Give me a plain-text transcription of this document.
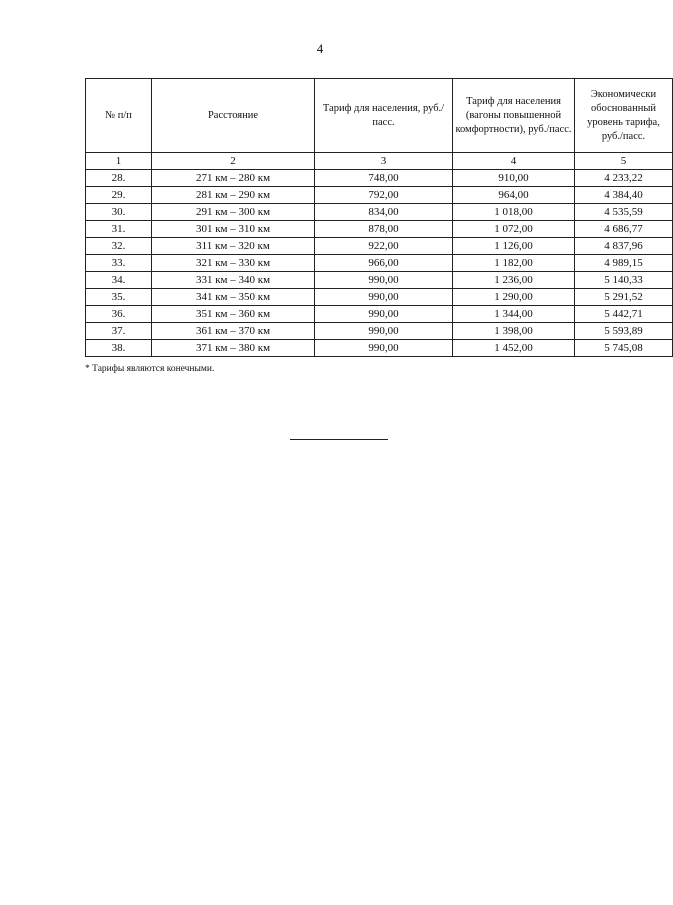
4
№ п/п	Расстояние	Тариф для населения, руб./пасс.	Тариф для населения (вагоны повышенной комфортности), руб./пасс.	Экономически обоснованный уровень тарифа, руб./пасс.
1	2	3	4	5
28.	271 км – 280 км	748,00	910,00	4 233,22
29.	281 км – 290 км	792,00	964,00	4 384,40
30.	291 км – 300 км	834,00	1 018,00	4 535,59
31.	301 км – 310 км	878,00	1 072,00	4 686,77
32.	311 км – 320 км	922,00	1 126,00	4 837,96
33.	321 км – 330 км	966,00	1 182,00	4 989,15
34.	331 км – 340 км	990,00	1 236,00	5 140,33
35.	341 км – 350 км	990,00	1 290,00	5 291,52
36.	351 км – 360 км	990,00	1 344,00	5 442,71
37.	361 км – 370 км	990,00	1 398,00	5 593,89
38.	371 км – 380 км	990,00	1 452,00	5 745,08
* Тарифы являются конечными.
